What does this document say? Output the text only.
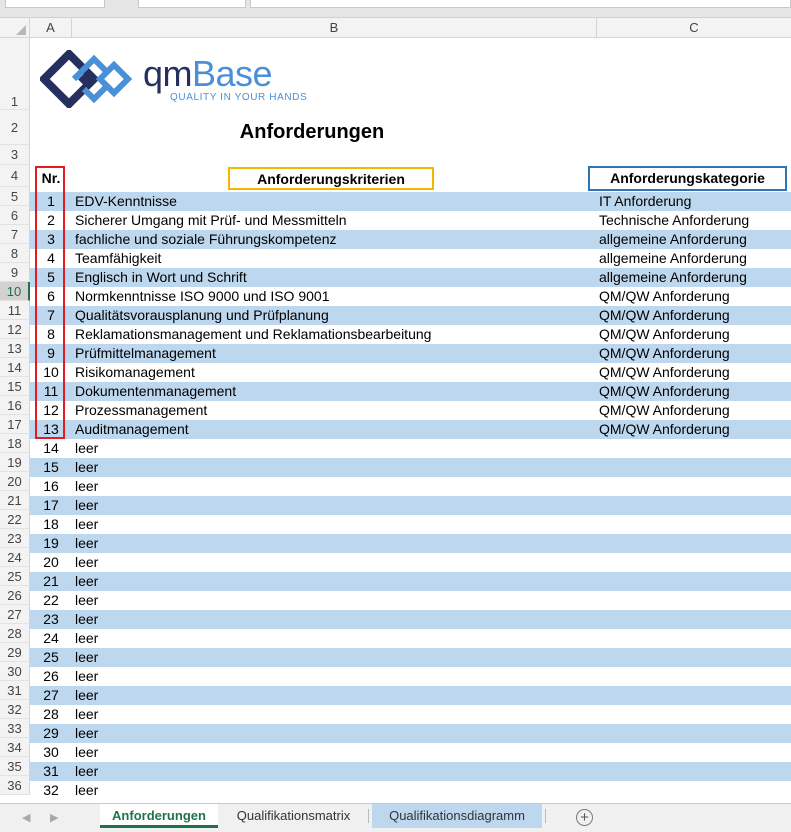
A	B	C
1
2
3
4
5
6
7
8
9
10
11
12
13
14
15
16
17
18
19
20
21
22
23
24
25
26
27
28
29
30
31
32
33
34
35
36
qmBase
QUALITY IN YOUR HANDS
Anforderungen
1	EDV-Kenntnisse	IT Anforderung
2	Sicherer Umgang mit Prüf- und Messmitteln	Technische Anforderung
3	fachliche und soziale Führungskompetenz	allgemeine Anforderung
4	Teamfähigkeit	allgemeine Anforderung
5	Englisch in Wort und Schrift	allgemeine Anforderung
6	Normkenntnisse ISO 9000 und ISO 9001	QM/QW Anforderung
7	Qualitätsvorausplanung und Prüfplanung	QM/QW Anforderung
8	Reklamationsmanagement und Reklamationsbearbeitung	QM/QW Anforderung
9	Prüfmittelmanagement	QM/QW Anforderung
10	Risikomanagement	QM/QW Anforderung
11	Dokumentenmanagement	QM/QW Anforderung
12	Prozessmanagement	QM/QW Anforderung
13	Auditmanagement	QM/QW Anforderung
14	leer
15	leer
16	leer
17	leer
18	leer
19	leer
20	leer
21	leer
22	leer
23	leer
24	leer
25	leer
26	leer
27	leer
28	leer
29	leer
30	leer
31	leer
32	leer
Nr.	Anforderungskriterien	Anforderungskategorie
◀ ▶	Anforderungen	Qualifikationsmatrix	Qualifikationsdiagramm	+
